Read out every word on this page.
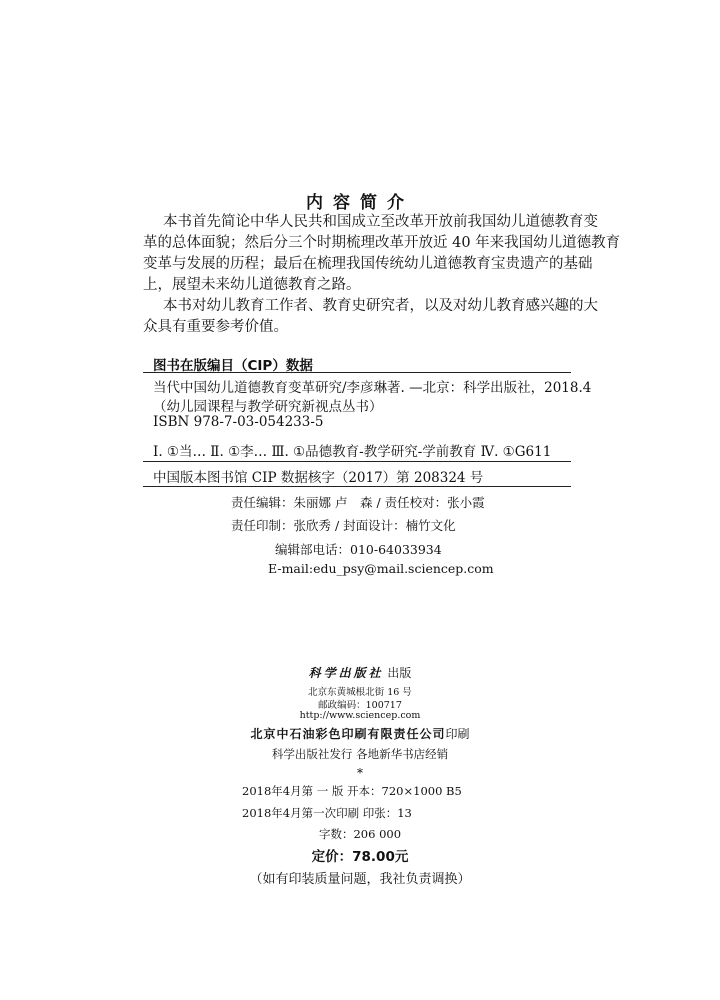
内容简介
本书首先简论中华人民共和国成立至改革开放前我国幼儿道德教育变
革的总体面貌；然后分三个时期梳理改革开放近 40 年来我国幼儿道德教育
变革与发展的历程；最后在梳理我国传统幼儿道德教育宝贵遗产的基础
上，展望未来幼儿道德教育之路。
本书对幼儿教育工作者、教育史研究者，以及对幼儿教育感兴趣的大
众具有重要参考价值。
图书在版编目（CIP）数据
当代中国幼儿道德教育变革研究/李彦琳著. —北京：科学出版社，2018.4
（幼儿园课程与教学研究新视点丛书）
ISBN 978-7-03-054233-5
Ⅰ. ①当… Ⅱ. ①李… Ⅲ. ①品德教育-教学研究-学前教育 Ⅳ. ①G611
中国版本图书馆 CIP 数据核字（2017）第 208324 号
责任编辑：朱丽娜 卢　森 / 责任校对：张小霞
责任印制：张欣秀 / 封面设计：楠竹文化
编辑部电话：010-64033934
E-mail:edu_psy@mail.sciencep.com
科学出版社 出版
北京东黄城根北街 16 号
邮政编码：100717
http://www.sciencep.com
北京中石油彩色印刷有限责任公司印刷
科学出版社发行 各地新华书店经销
*
2018年4月第 一 版 开本：720×1000 B5
2018年4月第一次印刷 印张：13
字数：206 000
定价：78.00元
（如有印装质量问题，我社负责调换）
